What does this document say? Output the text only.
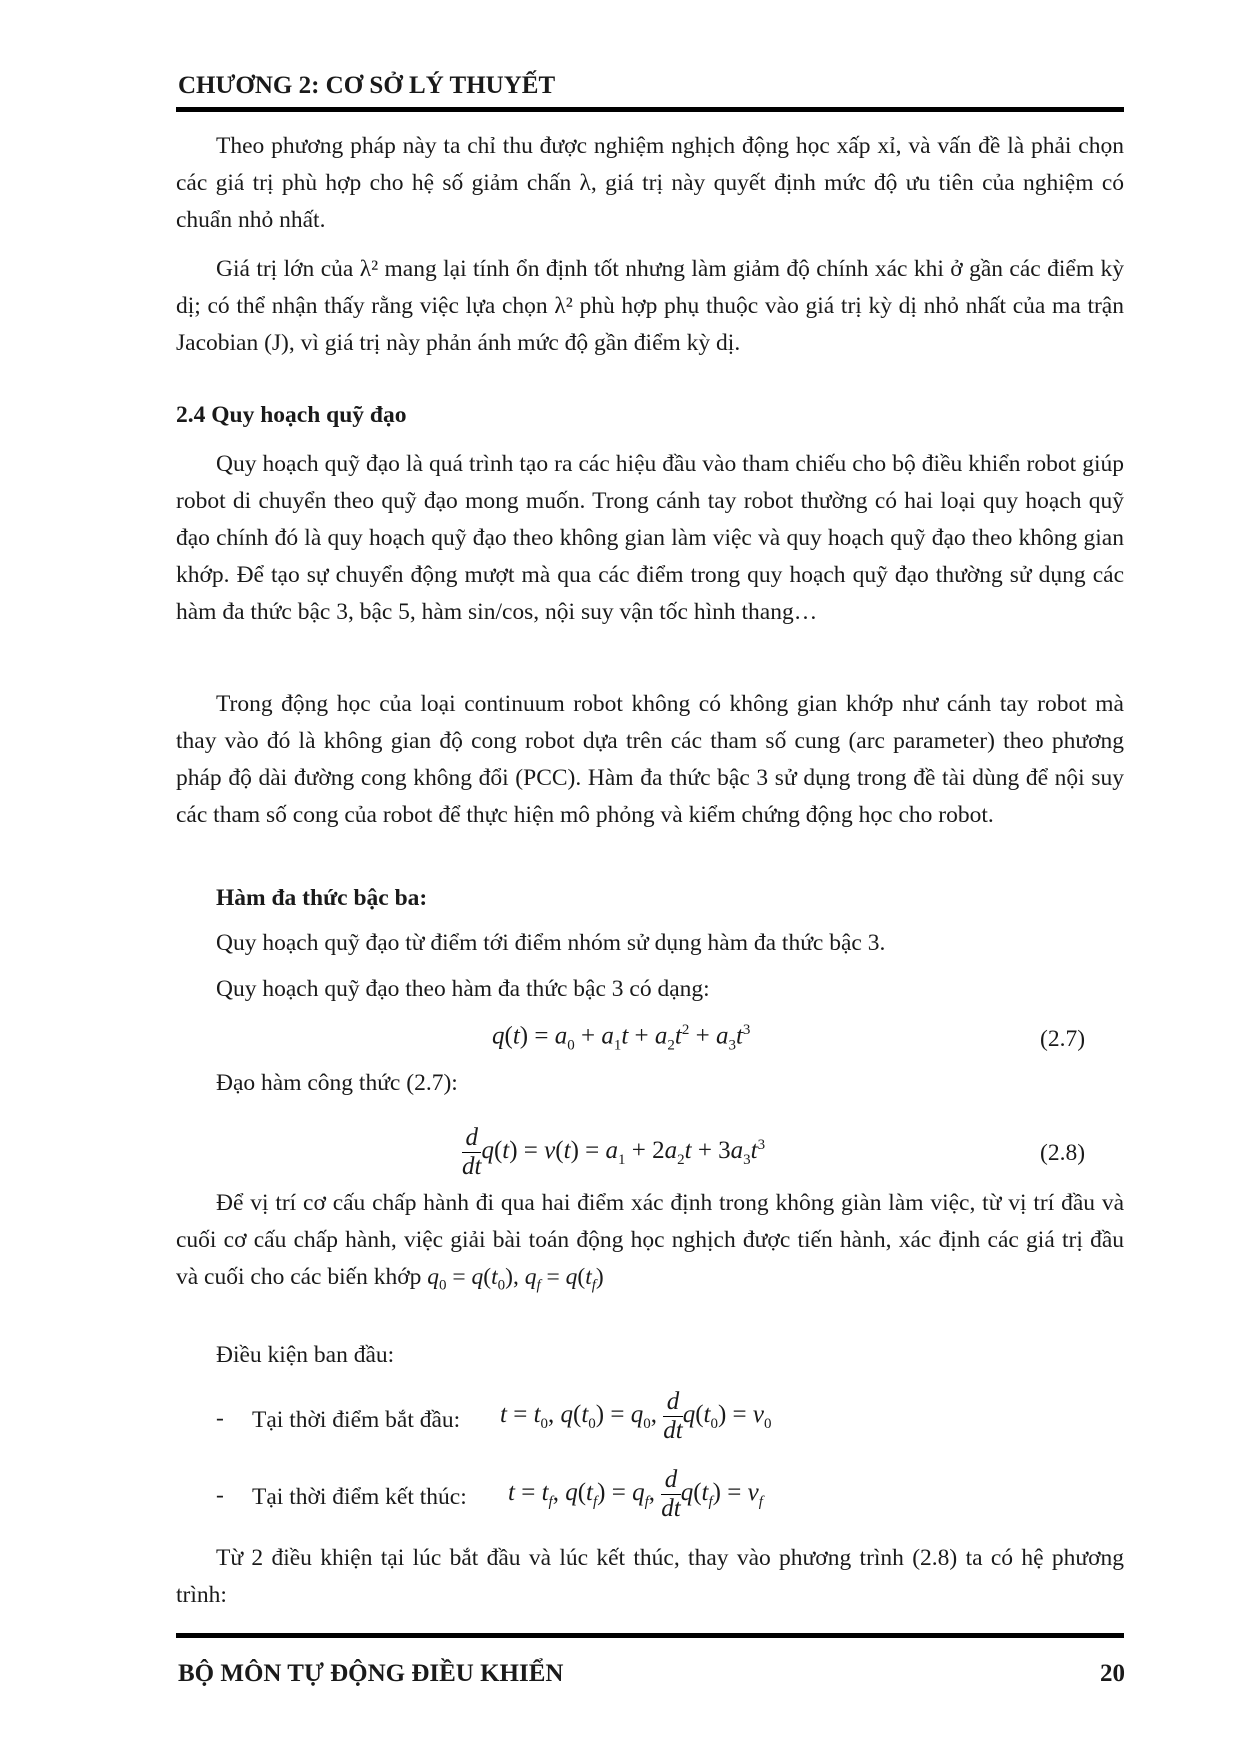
CHƯƠNG 2: CƠ SỞ LÝ THUYẾT
Theo phương pháp này ta chỉ thu được nghiệm nghịch động học xấp xỉ, và vấn đề là phải chọn các giá trị phù hợp cho hệ số giảm chấn λ, giá trị này quyết định mức độ ưu tiên của nghiệm có chuẩn nhỏ nhất.
Giá trị lớn của λ² mang lại tính ổn định tốt nhưng làm giảm độ chính xác khi ở gần các điểm kỳ dị; có thể nhận thấy rằng việc lựa chọn λ² phù hợp phụ thuộc vào giá trị kỳ dị nhỏ nhất của ma trận Jacobian (J), vì giá trị này phản ánh mức độ gần điểm kỳ dị.
2.4 Quy hoạch quỹ đạo
Quy hoạch quỹ đạo là quá trình tạo ra các hiệu đầu vào tham chiếu cho bộ điều khiển robot giúp robot di chuyển theo quỹ đạo mong muốn. Trong cánh tay robot thường có hai loại quy hoạch quỹ đạo chính đó là quy hoạch quỹ đạo theo không gian làm việc và quy hoạch quỹ đạo theo không gian khớp. Để tạo sự chuyển động mượt mà qua các điểm trong quy hoạch quỹ đạo thường sử dụng các hàm đa thức bậc 3, bậc 5, hàm sin/cos, nội suy vận tốc hình thang…
Trong động học của loại continuum robot không có không gian khớp như cánh tay robot mà thay vào đó là không gian độ cong robot dựa trên các tham số cung (arc parameter) theo phương pháp độ dài đường cong không đổi (PCC). Hàm đa thức bậc 3 sử dụng trong đề tài dùng để nội suy các tham số cong của robot để thực hiện mô phỏng và kiểm chứng động học cho robot.
Hàm đa thức bậc ba:
Quy hoạch quỹ đạo từ điểm tới điểm nhóm sử dụng hàm đa thức bậc 3.
Quy hoạch quỹ đạo theo hàm đa thức bậc 3 có dạng:
$q(t) = a_0 + a_1t + a_2t^2 + a_3t^3$	(2.7)
Đạo hàm công thức (2.7):
$\frac{d}{dt} q(t) = v(t) = a_1 + 2a_2t + 3a_3t^3$	(2.8)
Để vị trí cơ cấu chấp hành đi qua hai điểm xác định trong không giàn làm việc, từ vị trí đầu và cuối cơ cấu chấp hành, việc giải bài toán động học nghịch được tiến hành, xác định các giá trị đầu và cuối cho các biến khớp $q_0 = q(t_0)$, $q_f = q(t_f)$
Điều kiện ban đầu:
- Tại thời điểm bắt đầu: $t = t_0$, $q(t_0) = q_0$, $\frac{d}{dt} q(t_0) = v_0$
- Tại thời điểm kết thúc: $t = t_f$, $q(t_f) = q_f$, $\frac{d}{dt} q(t_f) = v_f$
Từ 2 điều khiện tại lúc bắt đầu và lúc kết thúc, thay vào phương trình (2.8) ta có hệ phương trình:
BỘ MÔN TỰ ĐỘNG ĐIỀU KHIỂN	20
